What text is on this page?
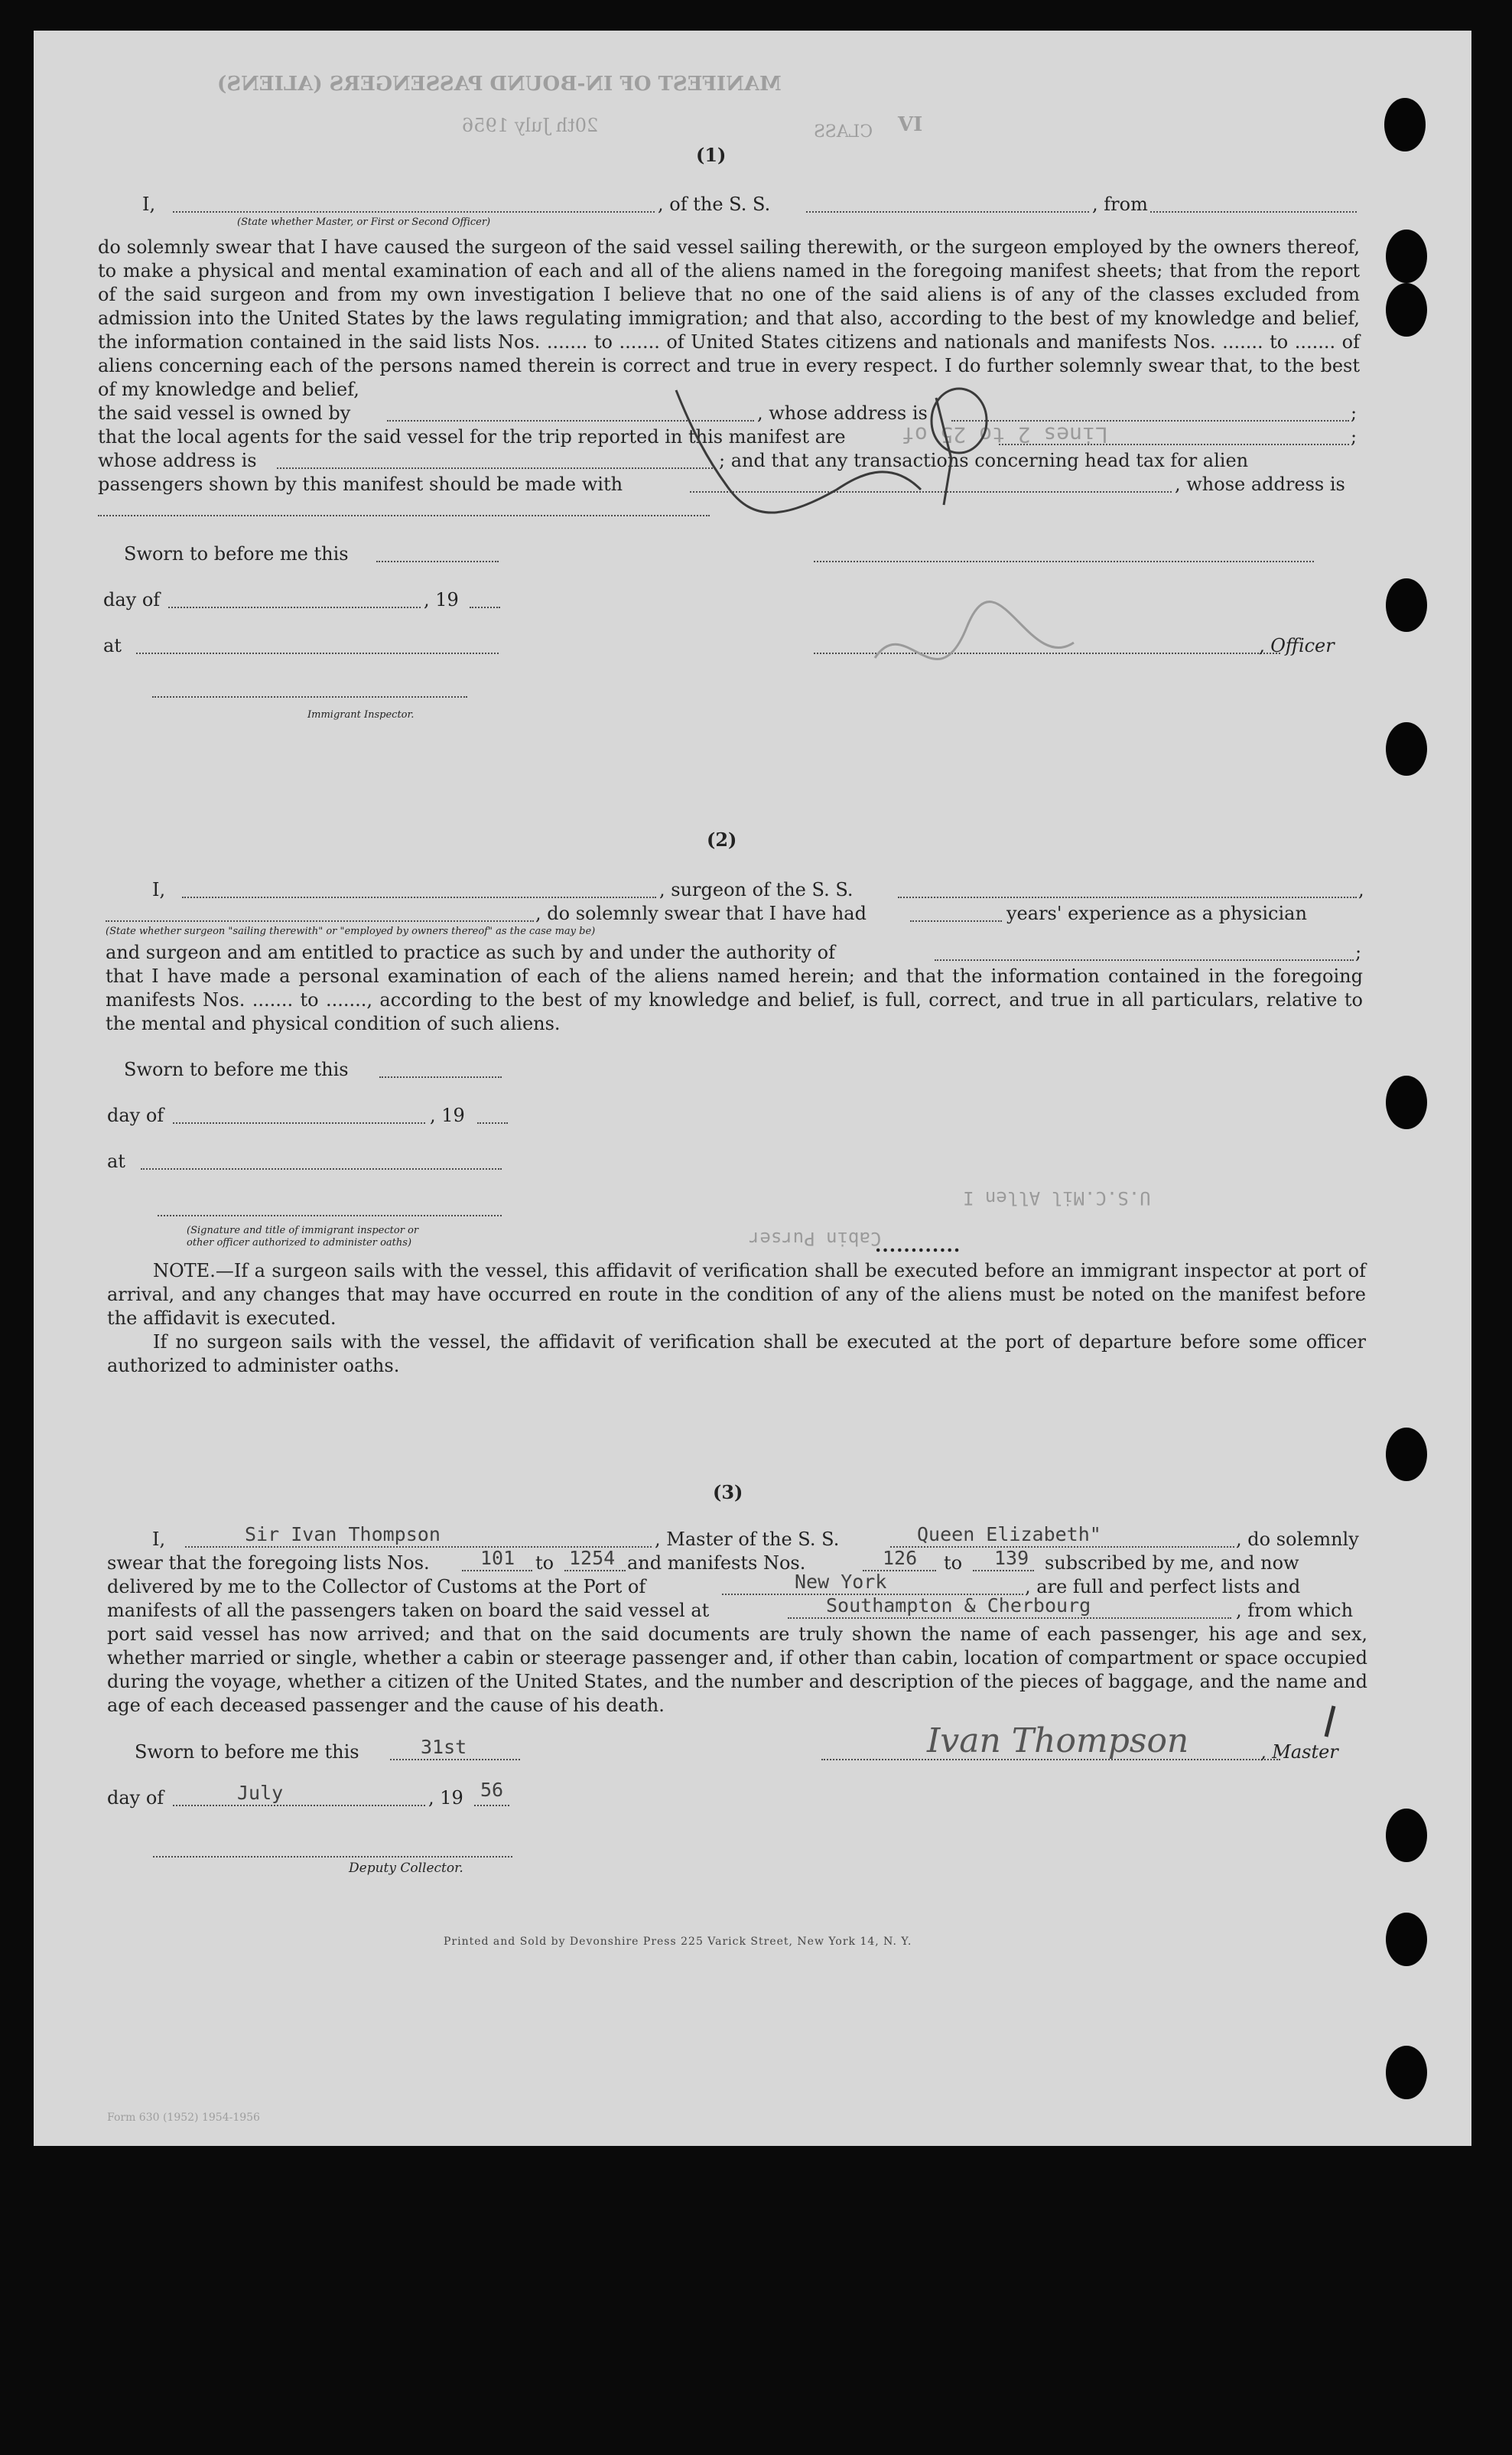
MANIFEST OF IN-BOUND PASSENGERS (ALIENS)
20th July 1956	CLASS VI
(1)
I,	, of the S. S.	, from
(State whether Master, or First or Second Officer)
do solemnly swear that I have caused the surgeon of the said vessel sailing therewith, or the surgeon employed by the owners thereof, to make a physical and mental examination of each and all of the aliens named in the foregoing manifest sheets; that from the report of the said surgeon and from my own investigation I believe that no one of the said aliens is of any of the classes excluded from admission into the United States by the laws regulating immigration; and that also, according to the best of my knowledge and belief, the information contained in the said lists Nos. ....... to ....... of United States citizens and nationals and manifests Nos. ....... to ....... of aliens concerning each of the persons named therein is correct and true in every respect. I do further solemnly swear that, to the best of my knowledge and belief,
the said vessel is owned by	, whose address is	;
that the local agents for the said vessel for the trip reported in this manifest are	;
whose address is	; and that any transactions concerning head tax for alien
passengers shown by this manifest should be made with	, whose address is
Sworn to before me this
day of	, 19
at
Immigrant Inspector.
, Officer
(2)
I,	, surgeon of the S. S.	,
, do solemnly swear that I have had	years' experience as a physician
(State whether surgeon "sailing therewith" or "employed by owners thereof" as the case may be)
and surgeon and am entitled to practice as such by and under the authority of	;
that I have made a personal examination of each of the aliens named herein; and that the information contained in the foregoing manifests Nos. ....... to ......., according to the best of my knowledge and belief, is full, correct, and true in all particulars, relative to the mental and physical condition of such aliens.
Sworn to before me this
day of	, 19
at
(Signature and title of immigrant inspector or
other officer authorized to administer oaths)
U.S.C.Mil Allen I
Cabin Purser
............
NOTE.—If a surgeon sails with the vessel, this affidavit of verification shall be executed before an immigrant inspector at port of arrival, and any changes that may have occurred en route in the condition of any of the aliens must be noted on the manifest before the affidavit is executed.
If no surgeon sails with the vessel, the affidavit of verification shall be executed at the port of departure before some officer authorized to administer oaths.
(3)
I,	Sir Ivan Thompson	, Master of the S. S.	Queen Elizabeth"	, do solemnly
swear that the foregoing lists Nos.	101 to 1254 and manifests Nos.	126 to 139 subscribed by me, and now
delivered by me to the Collector of Customs at the Port of	New York	, are full and perfect lists and
manifests of all the passengers taken on board the said vessel at	Southampton & Cherbourg	, from which
port said vessel has now arrived; and that on the said documents are truly shown the name of each passenger, his age and sex, whether married or single, whether a cabin or steerage passenger and, if other than cabin, location of compartment or space occupied during the voyage, whether a citizen of the United States, and the number and description of the pieces of baggage, and the name and age of each deceased passenger and the cause of his death.
Sworn to before me this	31st
day of	July	, 19 56
Deputy Collector.
Ivan Thompson	, Master
Printed and Sold by Devonshire Press 225 Varick Street, New York 14, N. Y.
Form 630 (1952) 1954-1956
Lines 2 to 25 of
